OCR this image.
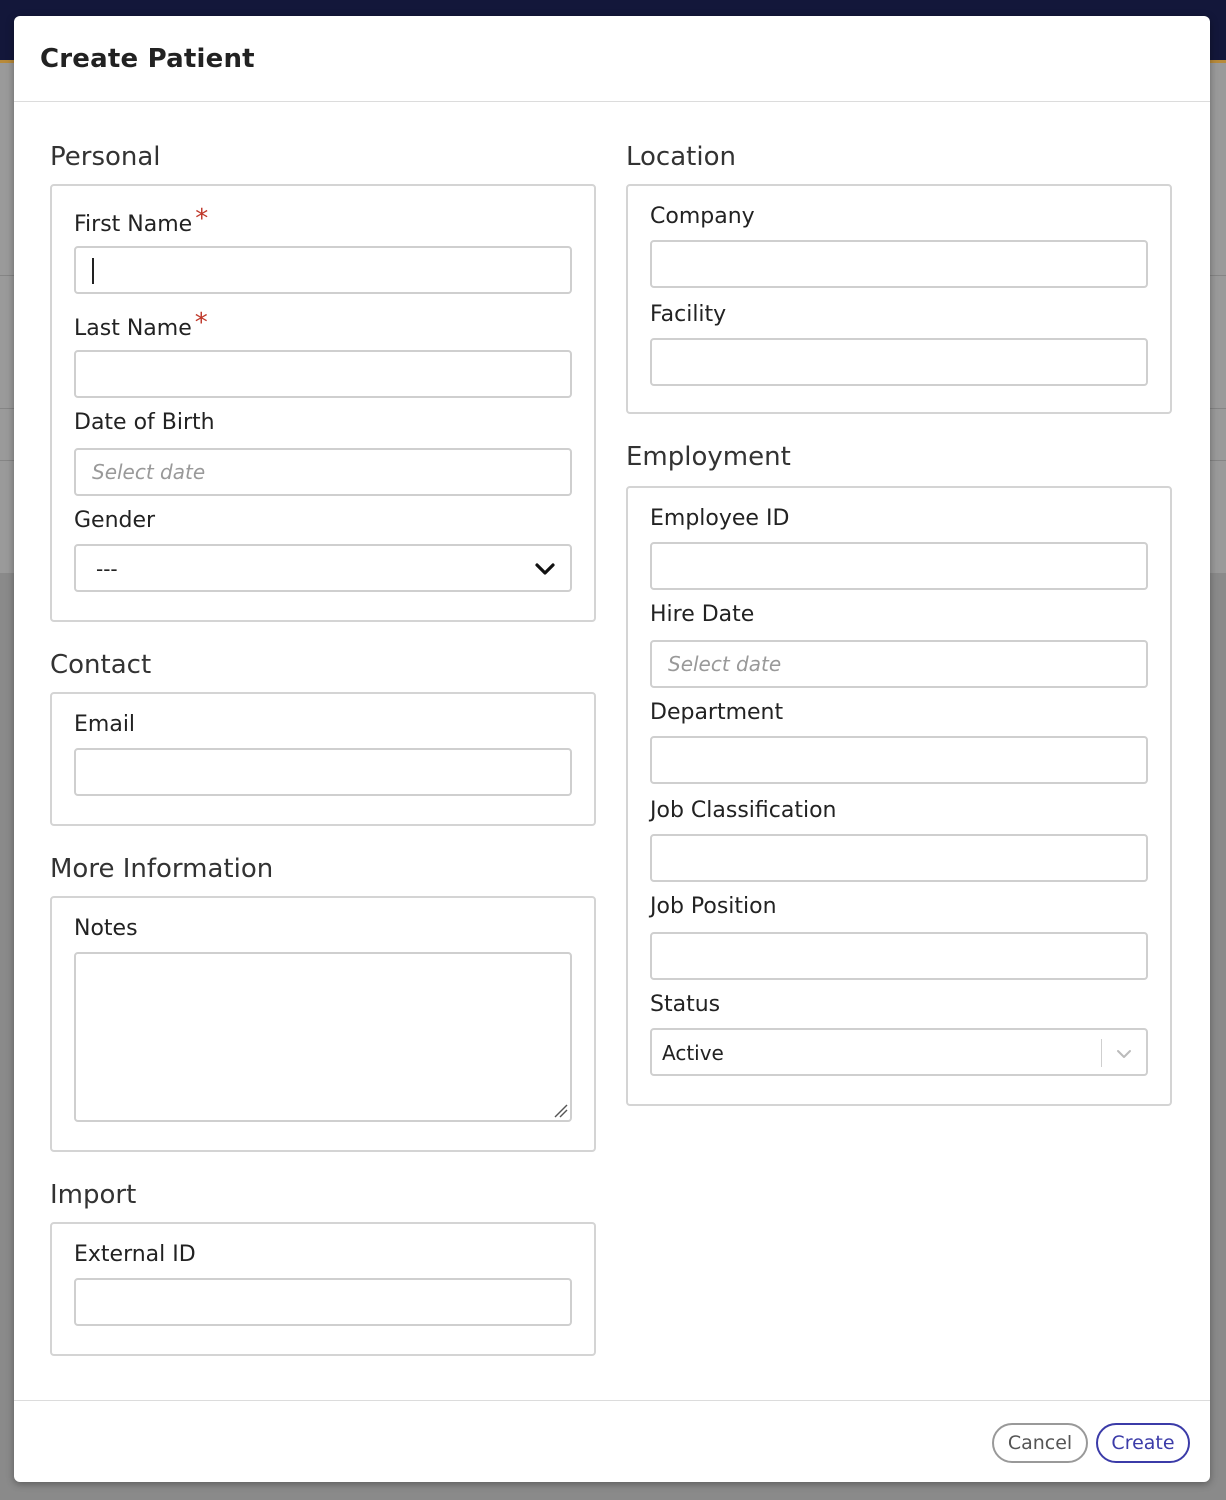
Create Patient
Personal
First Name *
Last Name *
Date of Birth
Select date
Gender
---
Contact
Email
More Information
Notes
Import
External ID
Location
Company
Facility
Employment
Employee ID
Hire Date
Select date
Department
Job Classification
Job Position
Status
Active
Cancel	Create
